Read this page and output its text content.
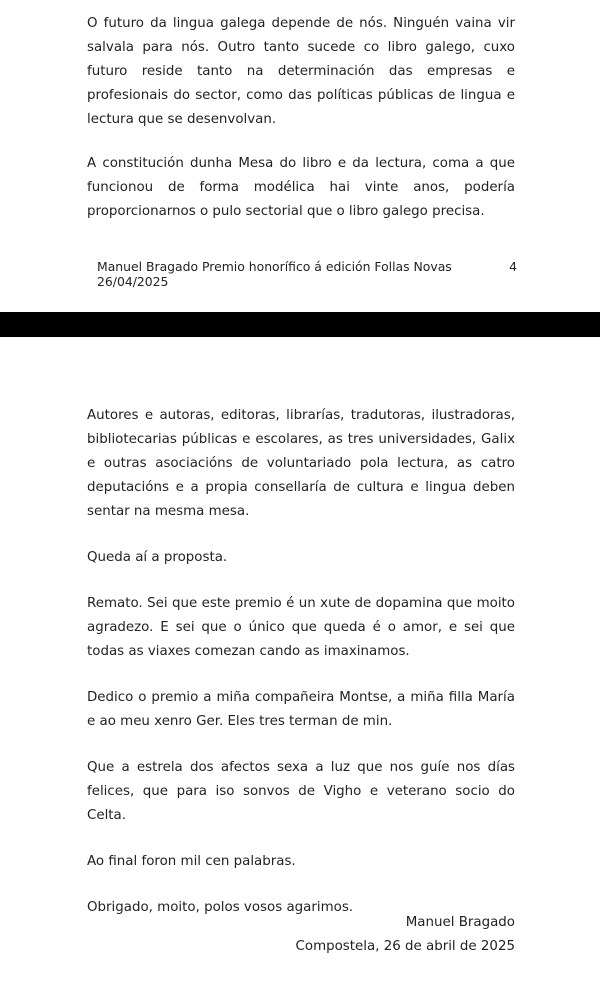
O futuro da lingua galega depende de nós. Ninguén vaina vir salvala para nós. Outro tanto sucede co libro galego, cuxo futuro reside tanto na determinación das empresas e profesionais do sector, como das políticas públicas de lingua e lectura que se desenvolvan.

A constitución dunha Mesa do libro e da lectura, coma a que funcionou de forma modélica hai vinte anos, podería proporcionarnos o pulo sectorial que o libro galego precisa.

Manuel Bragado Premio honorífico á edición Follas Novas 26/04/2025
4

Autores e autoras, editoras, librarías, tradutoras, ilustradoras, bibliotecarias públicas e escolares, as tres universidades, Galix e outras asociacións de voluntariado pola lectura, as catro deputacións e a propia consellaría de cultura e lingua deben sentar na mesma mesa.

Queda aí a proposta.

Remato. Sei que este premio é un xute de dopamina que moito agradezo. E sei que o único que queda é o amor, e sei que todas as viaxes comezan cando as imaxinamos.

Dedico o premio a miña compañeira Montse, a miña filla María e ao meu xenro Ger. Eles tres terman de min.

Que a estrela dos afectos sexa a luz que nos guíe nos días felices, que para iso sonvos de Vigho e veterano socio do Celta.

Ao final foron mil cen palabras.

Obrigado, moito, polos vosos agarimos.

Manuel Bragado
Compostela, 26 de abril de 2025
